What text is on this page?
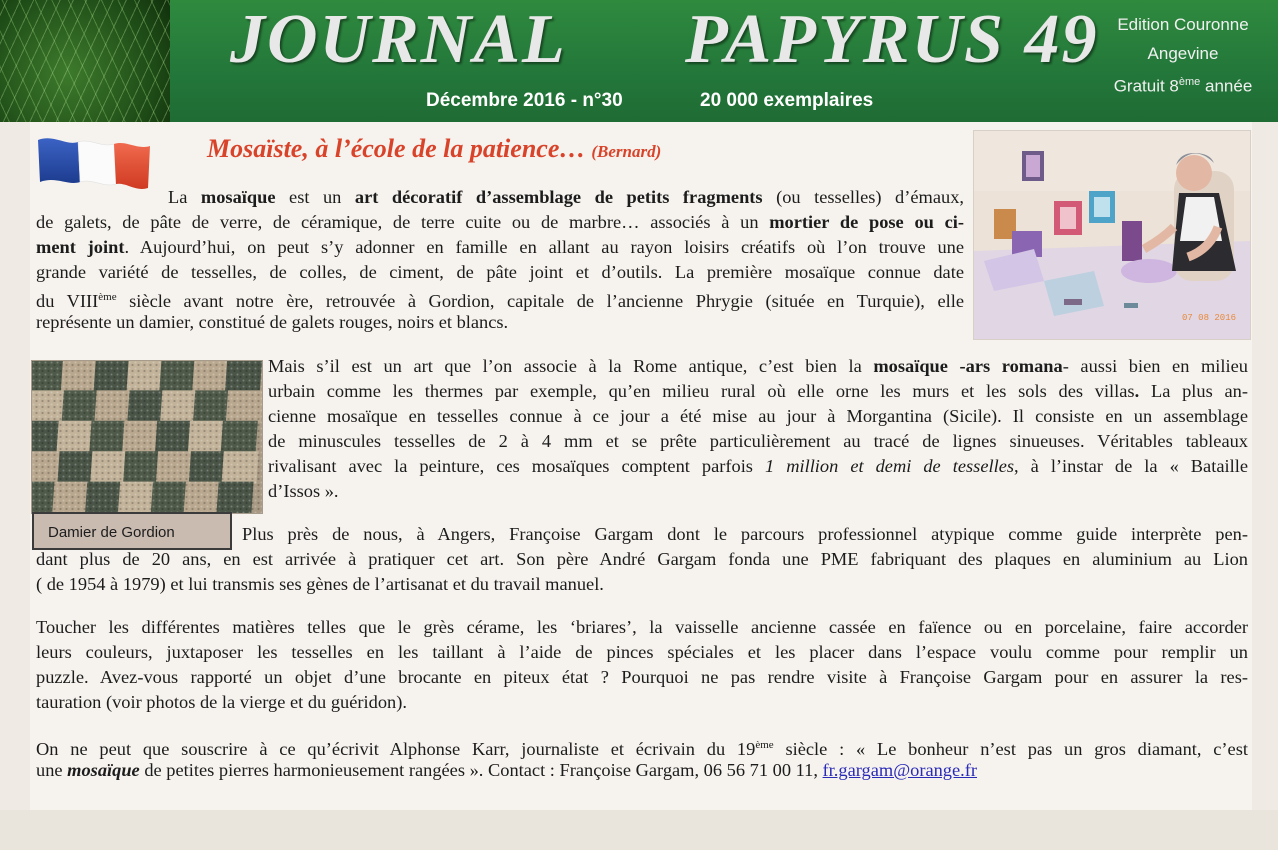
JOURNAL PAPYRUS 49	Edition Couronne
Angevine
Gratuit 8ème année
Décembre 2016 - n°30	20 000 exemplaires
Mosaïste, à l’école de la patience… (Bernard)
07 08 2016
Damier de Gordion
La mosaïque est un art décoratif d’assemblage de petits fragments (ou tesselles) d’émaux,
de galets, de pâte de verre, de céramique, de terre cuite ou de marbre… associés à un mortier de pose ou ci-
ment joint. Aujourd’hui, on peut s’y adonner en famille en allant au rayon loisirs créatifs où l’on trouve une
grande variété de tesselles, de colles, de ciment, de pâte joint et d’outils. La première mosaïque connue date
du VIIIème siècle avant notre ère, retrouvée à Gordion, capitale de l’ancienne Phrygie (située en Turquie), elle
représente un damier, constitué de galets rouges, noirs et blancs.
Mais s’il est un art que l’on associe à la Rome antique, c’est bien la mosaïque -ars romana- aussi bien en milieu
urbain comme les thermes par exemple, qu’en milieu rural où elle orne les murs et les sols des villas. La plus an-
cienne mosaïque en tesselles connue à ce jour a été mise au jour à Morgantina (Sicile). Il consiste en un assemblage
de minuscules tesselles de 2 à 4 mm et se prête particulièrement au tracé de lignes sinueuses. Véritables tableaux
rivalisant avec la peinture, ces mosaïques comptent parfois 1 million et demi de tesselles, à l’instar de la « Bataille
d’Issos ».
Plus près de nous, à Angers, Françoise Gargam dont le parcours professionnel atypique comme guide interprète pen-
dant plus de 20 ans, en est arrivée à pratiquer cet art. Son père André Gargam fonda une PME fabriquant des plaques en aluminium au Lion
( de 1954 à 1979) et lui transmis ses gènes de l’artisanat et du travail manuel.
Toucher les différentes matières telles que le grès cérame, les ‘briares’, la vaisselle ancienne cassée en faïence ou en porcelaine, faire accorder
leurs couleurs, juxtaposer les tesselles en les taillant à l’aide de pinces spéciales et les placer dans l’espace voulu comme pour remplir un
puzzle. Avez-vous rapporté un objet d’une brocante en piteux état ? Pourquoi ne pas rendre visite à Françoise Gargam pour en assurer la res-
tauration (voir photos de la vierge et du guéridon).
On ne peut que souscrire à ce qu’écrivit Alphonse Karr, journaliste et écrivain du 19ème siècle : « Le bonheur n’est pas un gros diamant, c’est
une mosaïque de petites pierres harmonieusement rangées ». Contact : Françoise Gargam, 06 56 71 00 11, fr.gargam@orange.fr
